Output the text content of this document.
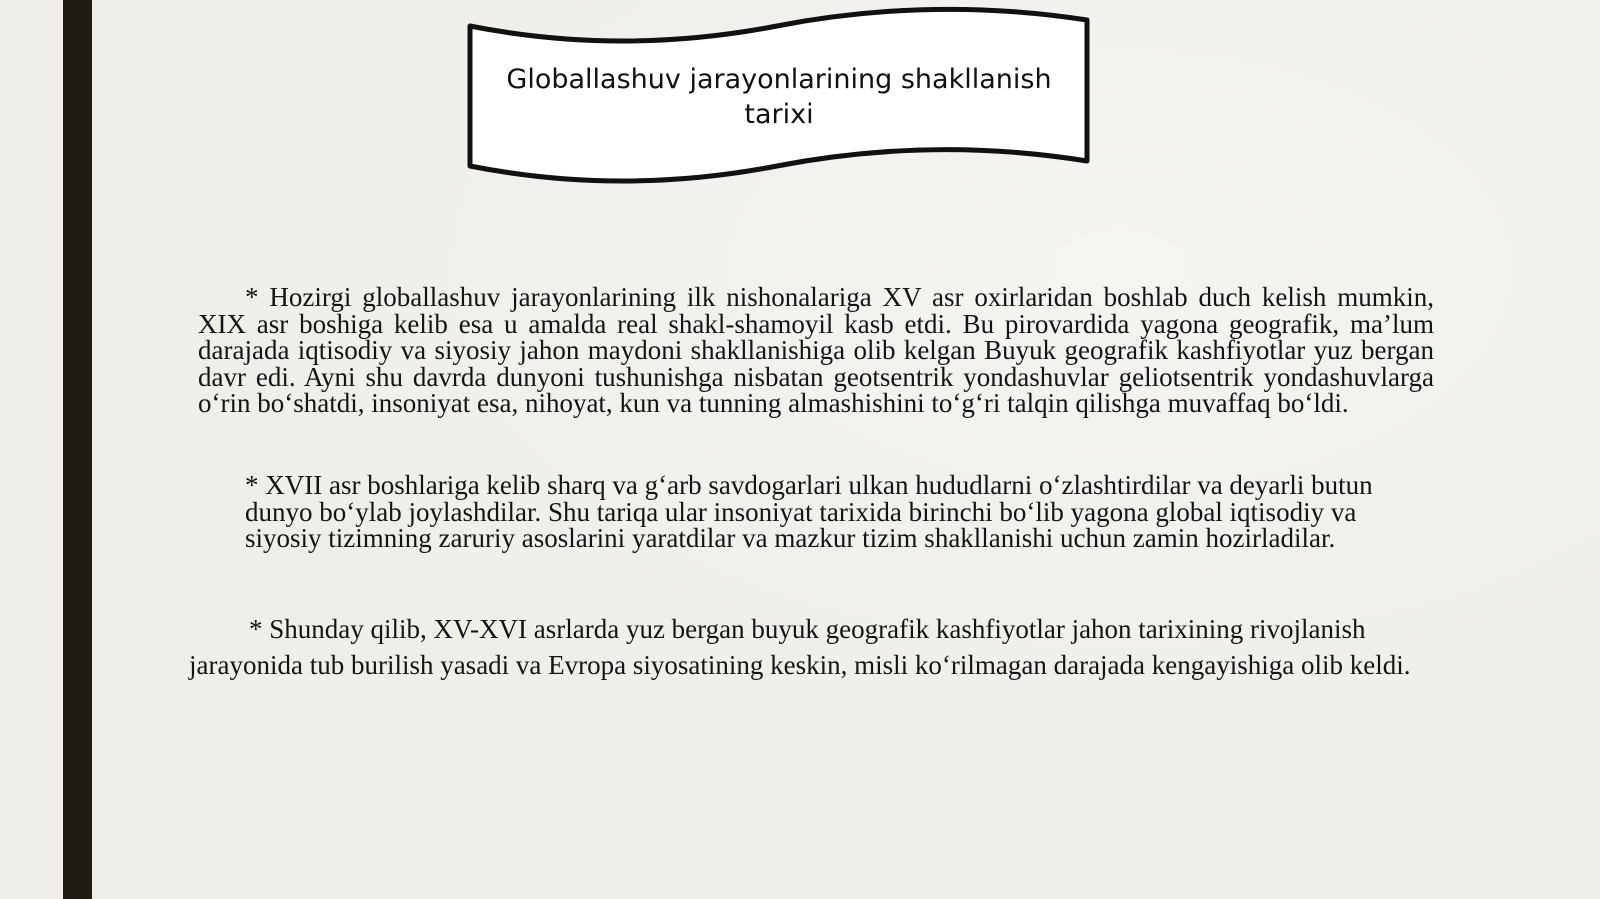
Globallashuv jarayonlarining shakllanish tarixi

* Hozirgi globallashuv jarayonlarining ilk nishonalariga XV asr oxirlaridan boshlab duch kelish mumkin, XIX asr boshiga kelib esa u amalda real shakl-shamoyil kasb etdi. Bu pirovardida yagona geografik, ma’lum darajada iqtisodiy va siyosiy jahon maydoni shakllanishiga olib kelgan Buyuk geografik kashfiyotlar yuz bergan davr edi. Ayni shu davrda dunyoni tushunishga nisbatan geotsentrik yondashuvlar geliotsentrik yondashuvlarga o‘rin bo‘shatdi, insoniyat esa, nihoyat, kun va tunning almashishini to‘g‘ri talqin qilishga muvaffaq bo‘ldi.

* XVII asr boshlariga kelib sharq va g‘arb savdogarlari ulkan hududlarni o‘zlashtirdilar va deyarli butun dunyo bo‘ylab joylashdilar. Shu tariqa ular insoniyat tarixida birinchi bo‘lib yagona global iqtisodiy va siyosiy tizimning zaruriy asoslarini yaratdilar va mazkur tizim shakllanishi uchun zamin hozirladilar.

* Shunday qilib, XV-XVI asrlarda yuz bergan buyuk geografik kashfiyotlar jahon tarixining rivojlanish jarayonida tub burilish yasadi va Evropa siyosatining keskin, misli ko‘rilmagan darajada kengayishiga olib keldi.
